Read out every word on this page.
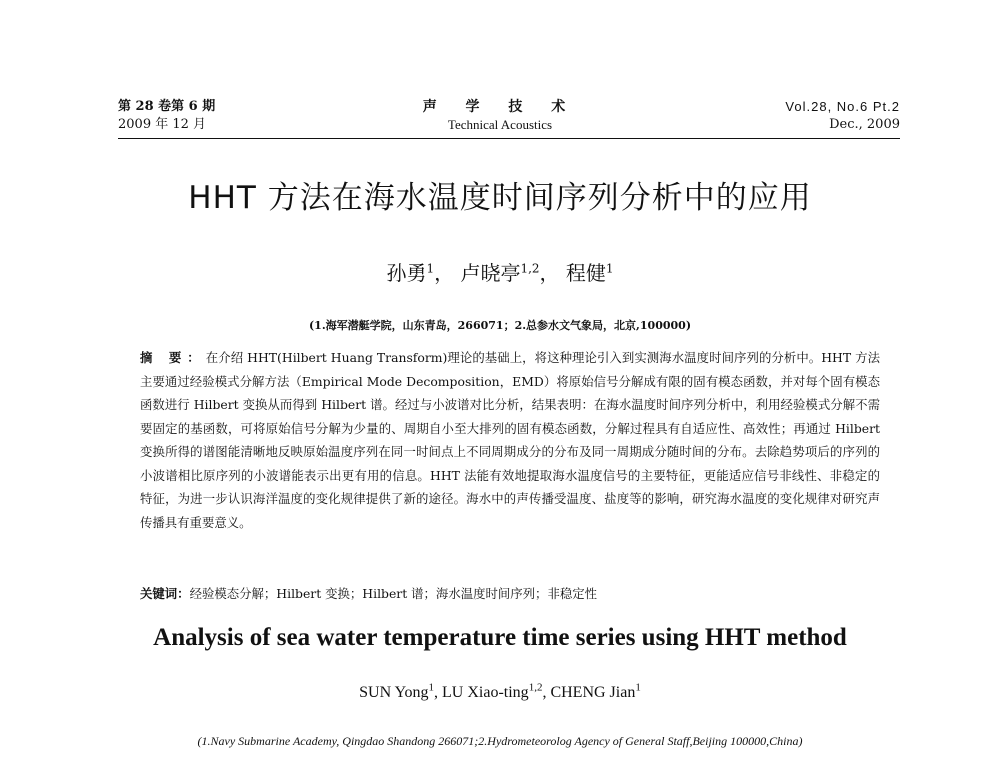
第 28 卷第 6 期
2009 年 12 月
声 学 技 术
Technical Acoustics
Vol.28, No.6 Pt.2
Dec., 2009
HHT 方法在海水温度时间序列分析中的应用
孙勇$^1$， 卢晓亭$^{1,2}$， 程健$^1$
(1.海军潜艇学院，山东青岛，266071；2.总参水文气象局，北京,100000)
摘 要：在介绍 HHT(Hilbert Huang Transform)理论的基础上，将这种理论引入到实测海水温度时间序列的分析中。HHT 方法主要通过经验模式分解方法（Empirical Mode Decomposition，EMD）将原始信号分解成有限的固有模态函数，并对每个固有模态函数进行 Hilbert 变换从而得到 Hilbert 谱。经过与小波谱对比分析，结果表明：在海水温度时间序列分析中，利用经验模式分解不需要固定的基函数，可将原始信号分解为少量的、周期自小至大排列的固有模态函数，分解过程具有自适应性、高效性；再通过 Hilbert 变换所得的谱图能清晰地反映原始温度序列在同一时间点上不同周期成分的分布及同一周期成分随时间的分布。去除趋势项后的序列的小波谱相比原序列的小波谱能表示出更有用的信息。HHT 法能有效地提取海水温度信号的主要特征，更能适应信号非线性、非稳定的特征，为进一步认识海洋温度的变化规律提供了新的途径。海水中的声传播受温度、盐度等的影响，研究海水温度的变化规律对研究声传播具有重要意义。
关键词：经验模态分解；Hilbert 变换；Hilbert 谱；海水温度时间序列；非稳定性
Analysis of sea water temperature time series using HHT method
SUN Yong$^1$, LU Xiao-ting$^{1,2}$, CHENG Jian$^1$
(1.Navy Submarine Academy, Qingdao Shandong 266071;2.Hydrometeorolog Agency of General Staff,Beijing 100000,China)
